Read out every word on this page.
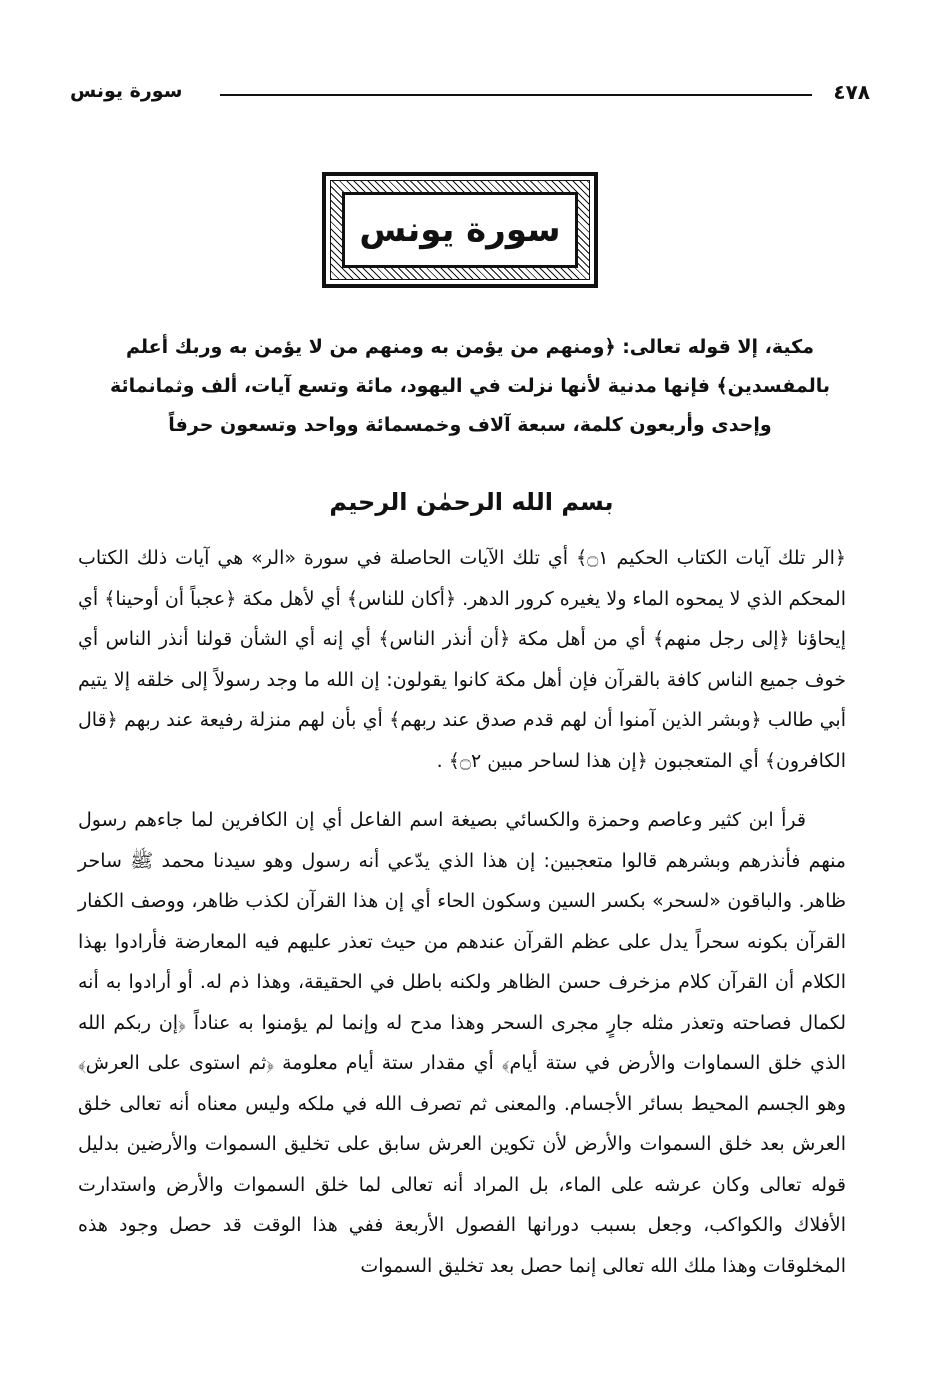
٤٧٨
سورة يونس
سورة يونس
مكية، إلا قوله تعالى: ﴿ومنهم من يؤمن به ومنهم من لا يؤمن به وربك أعلم بالمفسدين﴾ فإنها مدنية لأنها نزلت في اليهود، مائة وتسع آيات، ألف وثمانمائة وإحدى وأربعون كلمة، سبعة آلاف وخمسمائة وواحد وتسعون حرفاً
بسم الله الرحمٰن الرحيم
﴿الر تلك آيات الكتاب الحكيم ۝١﴾ أي تلك الآيات الحاصلة في سورة «الر» هي آيات ذلك الكتاب المحكم الذي لا يمحوه الماء ولا يغيره كرور الدهر. ﴿أكان للناس﴾ أي لأهل مكة ﴿عجباً أن أوحينا﴾ أي إيحاؤنا ﴿إلى رجل منهم﴾ أي من أهل مكة ﴿أن أنذر الناس﴾ أي إنه أي الشأن قولنا أنذر الناس أي خوف جميع الناس كافة بالقرآن فإن أهل مكة كانوا يقولون: إن الله ما وجد رسولاً إلى خلقه إلا يتيم أبي طالب ﴿وبشر الذين آمنوا أن لهم قدم صدق عند ربهم﴾ أي بأن لهم منزلة رفيعة عند ربهم ﴿قال الكافرون﴾ أي المتعجبون ﴿إن هذا لساحر مبين ۝٢﴾ .
قرأ ابن كثير وعاصم وحمزة والكسائي بصيغة اسم الفاعل أي إن الكافرين لما جاءهم رسول منهم فأنذرهم وبشرهم قالوا متعجبين: إن هذا الذي يدّعي أنه رسول وهو سيدنا محمد ﷺ ساحر ظاهر. والباقون «لسحر» بكسر السين وسكون الحاء أي إن هذا القرآن لكذب ظاهر، ووصف الكفار القرآن بكونه سحراً يدل على عظم القرآن عندهم من حيث تعذر عليهم فيه المعارضة فأرادوا بهذا الكلام أن القرآن كلام مزخرف حسن الظاهر ولكنه باطل في الحقيقة، وهذا ذم له. أو أرادوا به أنه لكمال فصاحته وتعذر مثله جارٍ مجرى السحر وهذا مدح له وإنما لم يؤمنوا به عناداً ﴿إن ربكم الله الذي خلق السماوات والأرض في ستة أيام﴾ أي مقدار ستة أيام معلومة ﴿ثم استوى على العرش﴾ وهو الجسم المحيط بسائر الأجسام. والمعنى ثم تصرف الله في ملكه وليس معناه أنه تعالى خلق العرش بعد خلق السموات والأرض لأن تكوين العرش سابق على تخليق السموات والأرضين بدليل قوله تعالى وكان عرشه على الماء، بل المراد أنه تعالى لما خلق السموات والأرض واستدارت الأفلاك والكواكب، وجعل بسبب دورانها الفصول الأربعة ففي هذا الوقت قد حصل وجود هذه المخلوقات وهذا ملك الله تعالى إنما حصل بعد تخليق السموات
